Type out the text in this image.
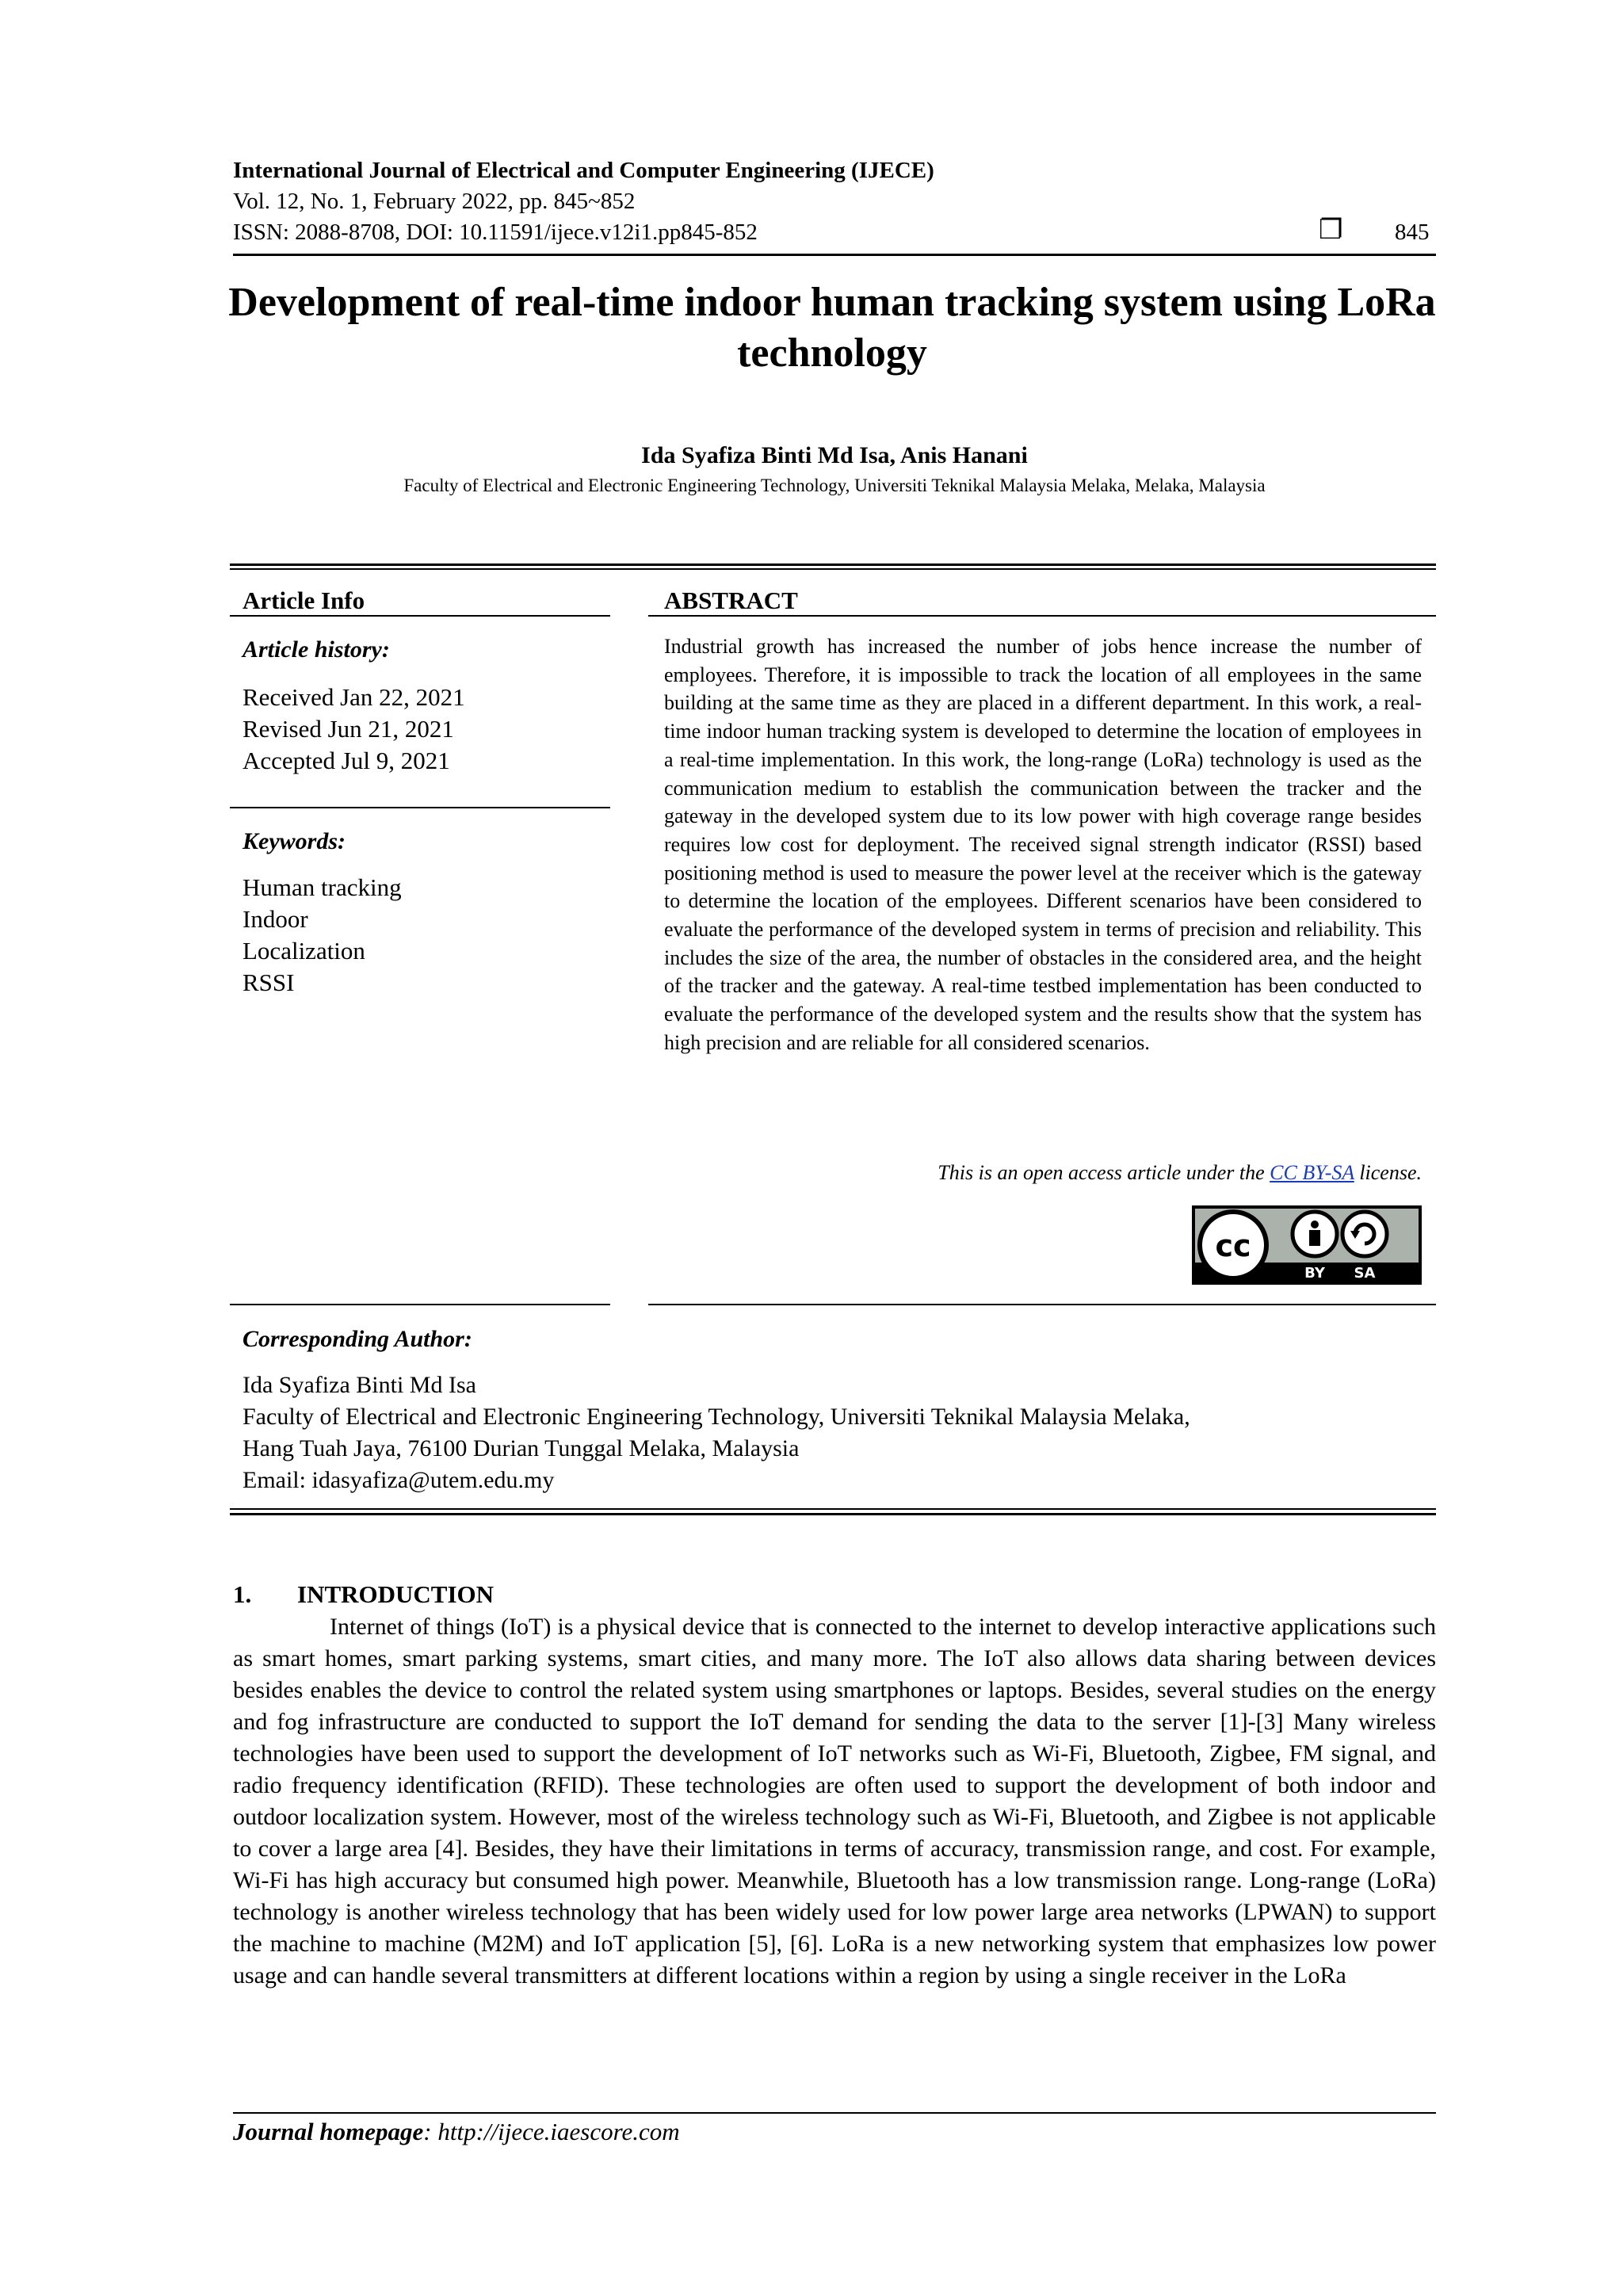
International Journal of Electrical and Computer Engineering (IJECE)
Vol. 12, No. 1, February 2022, pp. 845~852
ISSN: 2088-8708, DOI: 10.11591/ijece.v12i1.pp845-852	❐ 845
Development of real-time indoor human tracking system using LoRa technology
Ida Syafiza Binti Md Isa, Anis Hanani
Faculty of Electrical and Electronic Engineering Technology, Universiti Teknikal Malaysia Melaka, Melaka, Malaysia
Article Info
Article history:
Received Jan 22, 2021
Revised Jun 21, 2021
Accepted Jul 9, 2021
Keywords:
Human tracking
Indoor
Localization
RSSI
ABSTRACT
Industrial growth has increased the number of jobs hence increase the number of employees. Therefore, it is impossible to track the location of all employees in the same building at the same time as they are placed in a different department. In this work, a real-time indoor human tracking system is developed to determine the location of employees in a real-time implementation. In this work, the long-range (LoRa) technology is used as the communication medium to establish the communication between the tracker and the gateway in the developed system due to its low power with high coverage range besides requires low cost for deployment. The received signal strength indicator (RSSI) based positioning method is used to measure the power level at the receiver which is the gateway to determine the location of the employees. Different scenarios have been considered to evaluate the performance of the developed system in terms of precision and reliability. This includes the size of the area, the number of obstacles in the considered area, and the height of the tracker and the gateway. A real-time testbed implementation has been conducted to evaluate the performance of the developed system and the results show that the system has high precision and are reliable for all considered scenarios.
This is an open access article under the CC BY-SA license.
cc
BY SA
Corresponding Author:
Ida Syafiza Binti Md Isa
Faculty of Electrical and Electronic Engineering Technology, Universiti Teknikal Malaysia Melaka,
Hang Tuah Jaya, 76100 Durian Tunggal Melaka, Malaysia
Email: idasyafiza@utem.edu.my
1. INTRODUCTION

Internet of things (IoT) is a physical device that is connected to the internet to develop interactive applications such as smart homes, smart parking systems, smart cities, and many more. The IoT also allows data sharing between devices besides enables the device to control the related system using smartphones or laptops. Besides, several studies on the energy and fog infrastructure are conducted to support the IoT demand for sending the data to the server [1]-[3] Many wireless technologies have been used to support the development of IoT networks such as Wi-Fi, Bluetooth, Zigbee, FM signal, and radio frequency identification (RFID). These technologies are often used to support the development of both indoor and outdoor localization system. However, most of the wireless technology such as Wi-Fi, Bluetooth, and Zigbee is not applicable to cover a large area [4]. Besides, they have their limitations in terms of accuracy, transmission range, and cost. For example, Wi-Fi has high accuracy but consumed high power. Meanwhile, Bluetooth has a low transmission range. Long-range (LoRa) technology is another wireless technology that has been widely used for low power large area networks (LPWAN) to support the machine to machine (M2M) and IoT application [5], [6]. LoRa is a new networking system that emphasizes low power usage and can handle several transmitters at different locations within a region by using a single receiver in the LoRa

Journal homepage: http://ijece.iaescore.com
